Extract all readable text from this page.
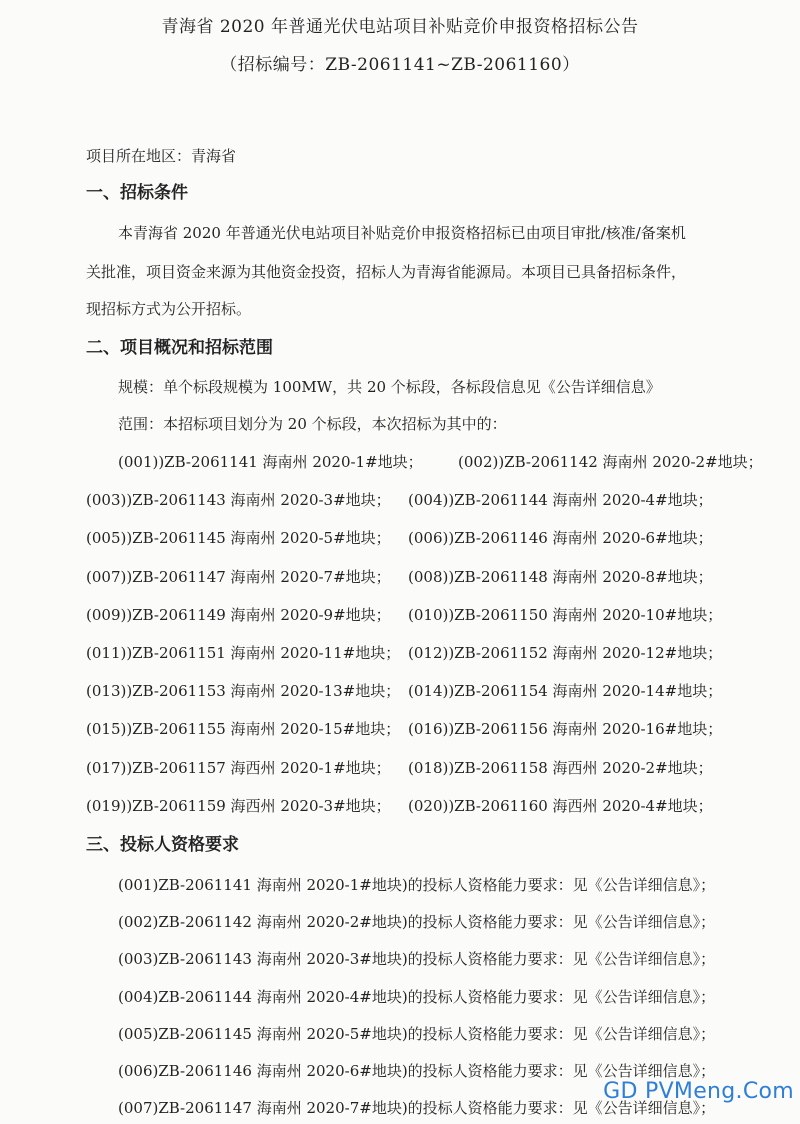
青海省 2020 年普通光伏电站项目补贴竞价申报资格招标公告
（招标编号：ZB-2061141~ZB-2061160）
项目所在地区：青海省
一、招标条件
本青海省 2020 年普通光伏电站项目补贴竞价申报资格招标已由项目审批/核准/备案机
关批准，项目资金来源为其他资金投资，招标人为青海省能源局。本项目已具备招标条件，
现招标方式为公开招标。
二、项目概况和招标范围
规模：单个标段规模为 100MW，共 20 个标段，各标段信息见《公告详细信息》
范围：本招标项目划分为 20 个标段，本次招标为其中的：
(001))ZB-2061141 海南州 2020-1#地块； (002))ZB-2061142 海南州 2020-2#地块；
(003))ZB-2061143 海南州 2020-3#地块； (004))ZB-2061144 海南州 2020-4#地块；
(005))ZB-2061145 海南州 2020-5#地块； (006))ZB-2061146 海南州 2020-6#地块；
(007))ZB-2061147 海南州 2020-7#地块； (008))ZB-2061148 海南州 2020-8#地块；
(009))ZB-2061149 海南州 2020-9#地块； (010))ZB-2061150 海南州 2020-10#地块；
(011))ZB-2061151 海南州 2020-11#地块； (012))ZB-2061152 海南州 2020-12#地块；
(013))ZB-2061153 海南州 2020-13#地块； (014))ZB-2061154 海南州 2020-14#地块；
(015))ZB-2061155 海南州 2020-15#地块； (016))ZB-2061156 海南州 2020-16#地块；
(017))ZB-2061157 海西州 2020-1#地块； (018))ZB-2061158 海西州 2020-2#地块；
(019))ZB-2061159 海西州 2020-3#地块； (020))ZB-2061160 海西州 2020-4#地块；
三、投标人资格要求
(001)ZB-2061141 海南州 2020-1#地块)的投标人资格能力要求：见《公告详细信息》；
(002)ZB-2061142 海南州 2020-2#地块)的投标人资格能力要求：见《公告详细信息》；
(003)ZB-2061143 海南州 2020-3#地块)的投标人资格能力要求：见《公告详细信息》；
(004)ZB-2061144 海南州 2020-4#地块)的投标人资格能力要求：见《公告详细信息》；
(005)ZB-2061145 海南州 2020-5#地块)的投标人资格能力要求：见《公告详细信息》；
(006)ZB-2061146 海南州 2020-6#地块)的投标人资格能力要求：见《公告详细信息》；
(007)ZB-2061147 海南州 2020-7#地块)的投标人资格能力要求：见《公告详细信息》；
GD PVMeng.Com
